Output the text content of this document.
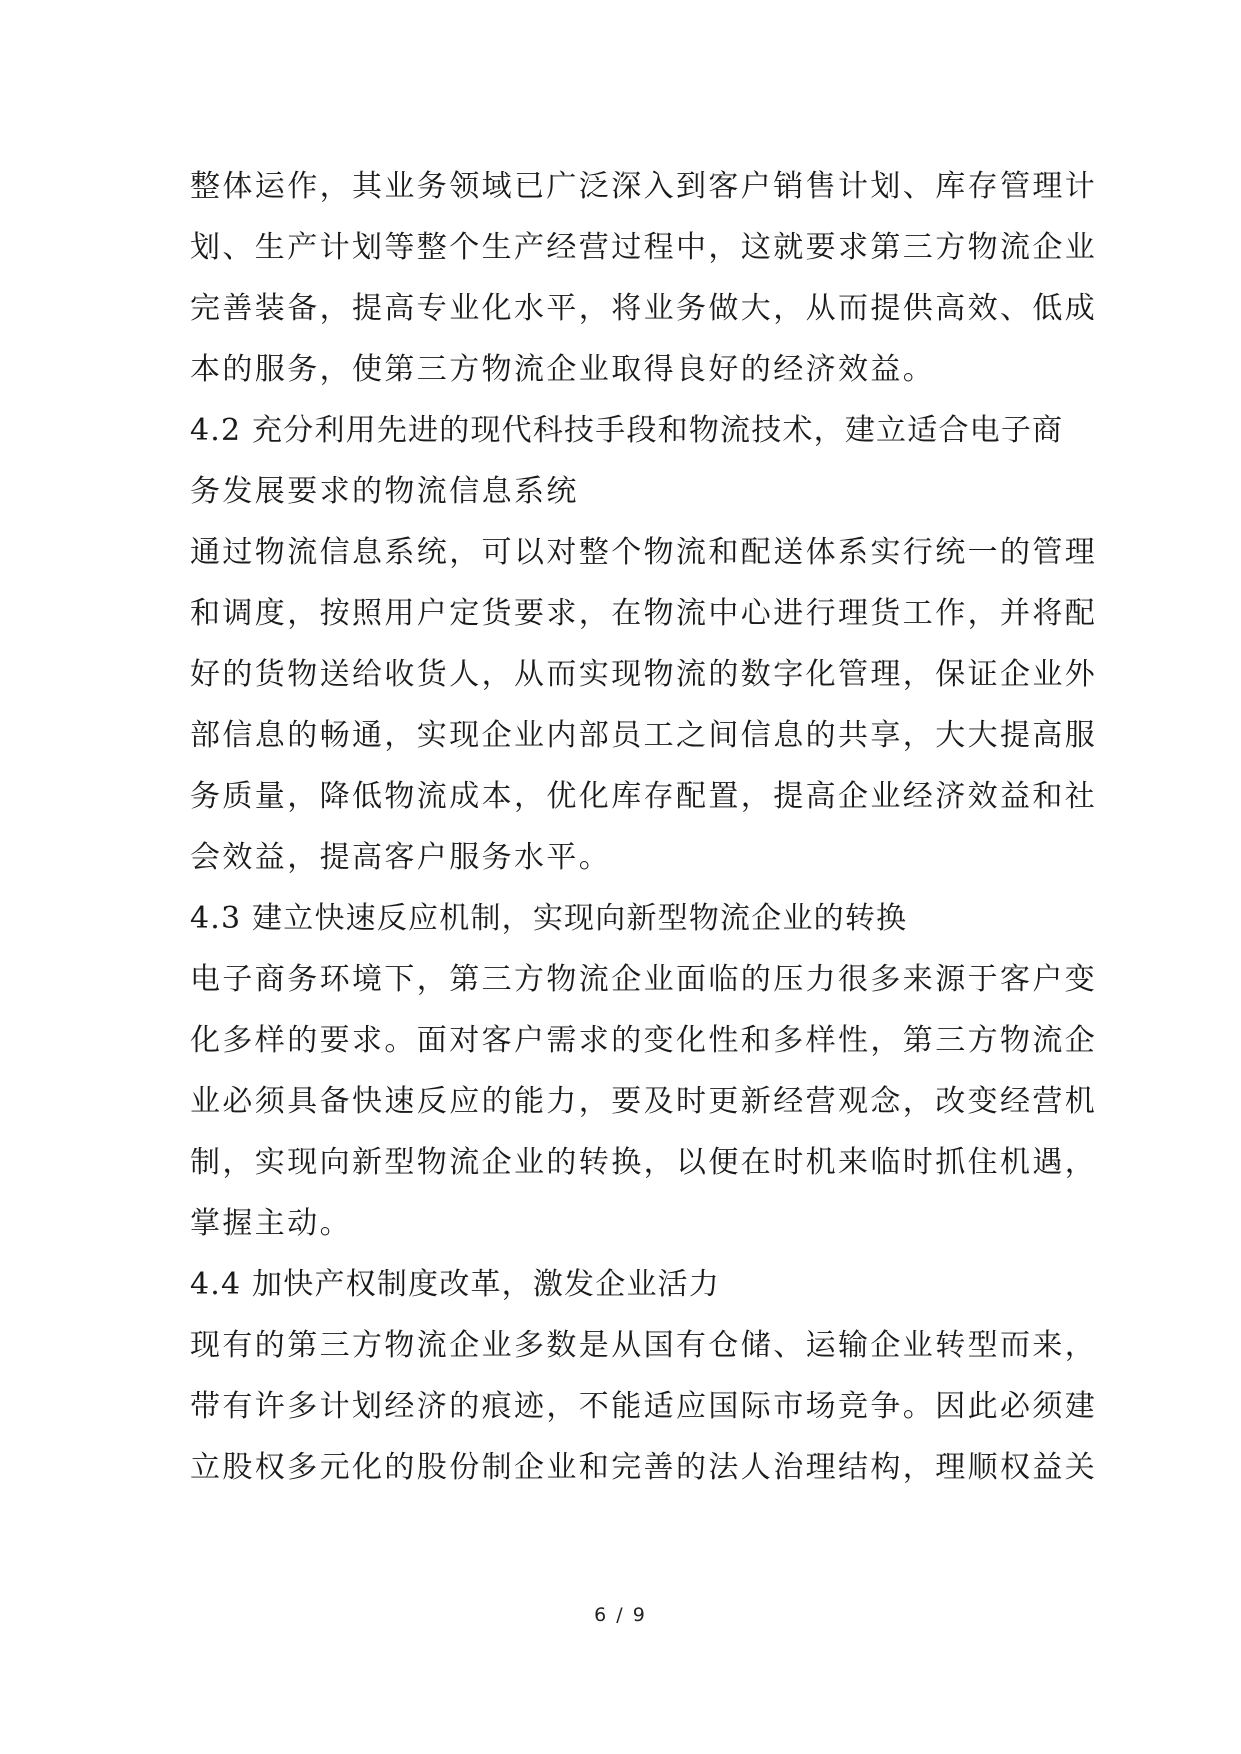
整体运作，其业务领域已广泛深入到客户销售计划、库存管理计
划、生产计划等整个生产经营过程中，这就要求第三方物流企业
完善装备，提高专业化水平，将业务做大，从而提供高效、低成
本的服务，使第三方物流企业取得良好的经济效益。
4.2 充分利用先进的现代科技手段和物流技术，建立适合电子商
务发展要求的物流信息系统
通过物流信息系统，可以对整个物流和配送体系实行统一的管理
和调度，按照用户定货要求，在物流中心进行理货工作，并将配
好的货物送给收货人，从而实现物流的数字化管理，保证企业外
部信息的畅通，实现企业内部员工之间信息的共享，大大提高服
务质量，降低物流成本，优化库存配置，提高企业经济效益和社
会效益，提高客户服务水平。
4.3 建立快速反应机制，实现向新型物流企业的转换
电子商务环境下，第三方物流企业面临的压力很多来源于客户变
化多样的要求。面对客户需求的变化性和多样性，第三方物流企
业必须具备快速反应的能力，要及时更新经营观念，改变经营机
制，实现向新型物流企业的转换，以便在时机来临时抓住机遇，
掌握主动。
4.4 加快产权制度改革，激发企业活力
现有的第三方物流企业多数是从国有仓储、运输企业转型而来，
带有许多计划经济的痕迹，不能适应国际市场竞争。因此必须建
立股权多元化的股份制企业和完善的法人治理结构，理顺权益关
6 / 9
